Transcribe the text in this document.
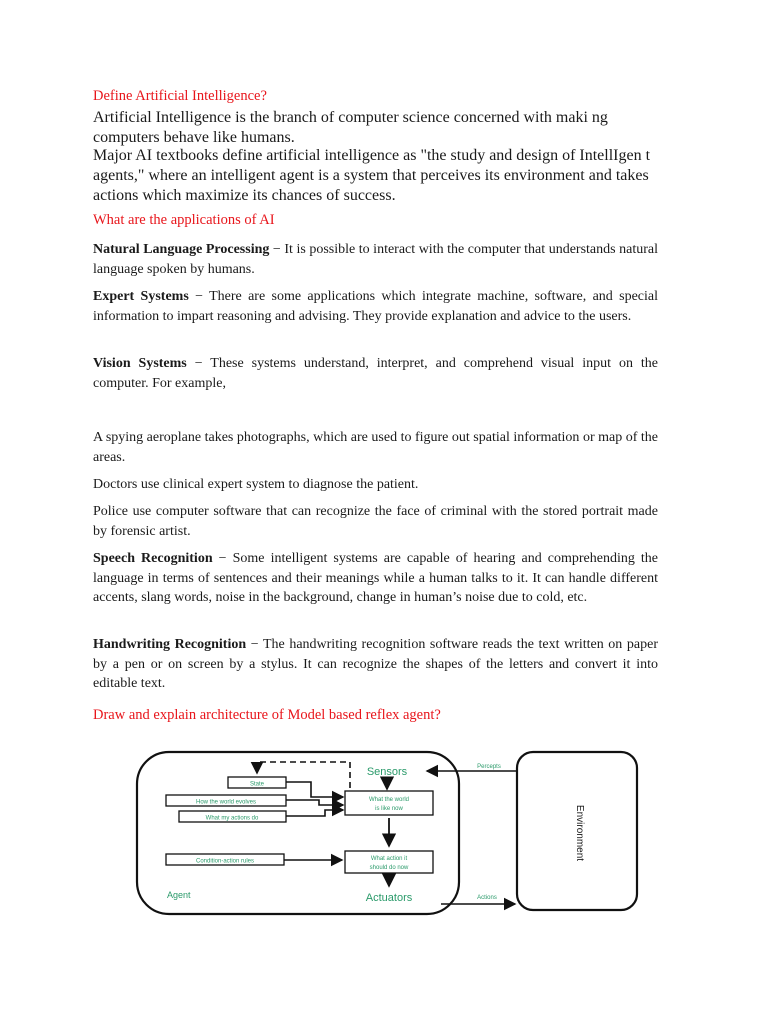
Define Artificial Intelligence?

Artificial Intelligence is the branch of computer science concerned with maki ng computers behave like humans.

Major AI textbooks define artificial intelligence as "the study and design of IntellIgen t agents," where an intelligent agent is a system that perceives its environment and takes actions which maximize its chances of success.

What are the applications of AI

Natural Language Processing − It is possible to interact with the computer that understands natural language spoken by humans.

Expert Systems − There are some applications which integrate machine, software, and special information to impart reasoning and advising. They provide explanation and advice to the users.

Vision Systems − These systems understand, interpret, and comprehend visual input on the computer. For example,

A spying aeroplane takes photographs, which are used to figure out spatial information or map of the areas.

Doctors use clinical expert system to diagnose the patient.

Police use computer software that can recognize the face of criminal with the stored portrait made by forensic artist.

Speech Recognition − Some intelligent systems are capable of hearing and comprehending the language in terms of sentences and their meanings while a human talks to it. It can handle different accents, slang words, noise in the background, change in human’s noise due to cold, etc.

Handwriting Recognition − The handwriting recognition software reads the text written on paper by a pen or on screen by a stylus. It can recognize the shapes of the letters and convert it into editable text.

Draw and explain architecture of Model based reflex agent?

Sensors
Actuators
State
How the world evolves
What my actions do
What the world
is like now
Condition-action rules	What action it
should do now
Agent
Percepts
Actions
Environment
